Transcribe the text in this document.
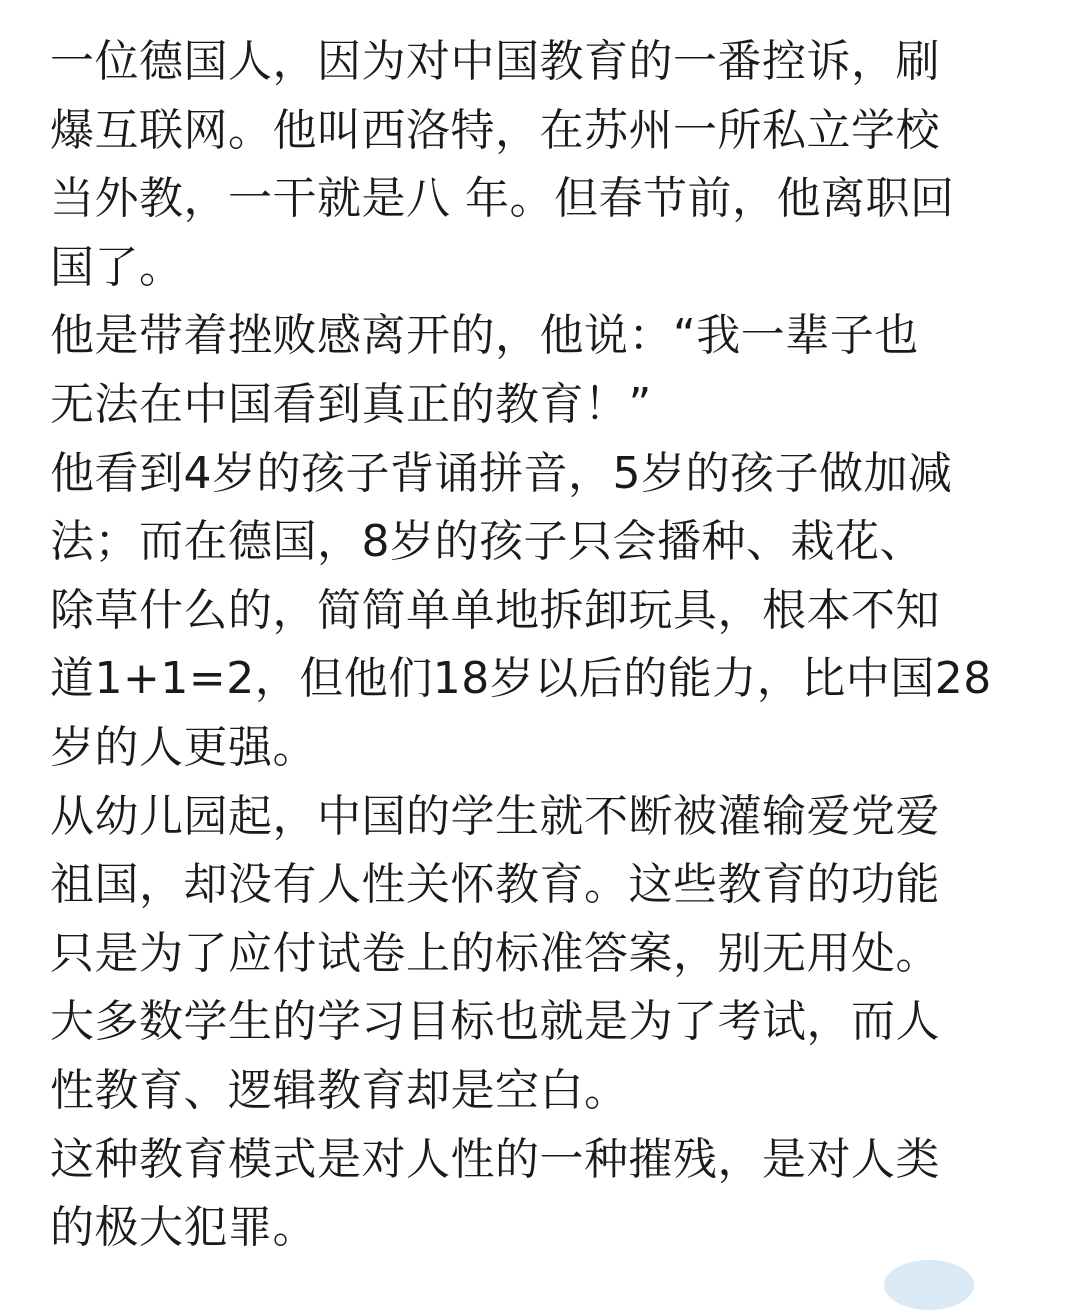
一位德国人，因为对中国教育的一番控诉，刷
爆互联网。他叫西洛特，在苏州一所私立学校
当外教，一干就是八 年。但春节前，他离职回
国了。
他是带着挫败感离开的，他说：“我一辈子也
无法在中国看到真正的教育！”
他看到4岁的孩子背诵拼音，5岁的孩子做加减
法；而在德国，8岁的孩子只会播种、栽花、
除草什么的，简简单单地拆卸玩具，根本不知
道1+1=2，但他们18岁以后的能力，比中国28
岁的人更强。
从幼儿园起，中国的学生就不断被灌输爱党爱
祖国，却没有人性关怀教育。这些教育的功能
只是为了应付试卷上的标准答案，别无用处。
大多数学生的学习目标也就是为了考试，而人
性教育、逻辑教育却是空白。
这种教育模式是对人性的一种摧残，是对人类
的极大犯罪。
